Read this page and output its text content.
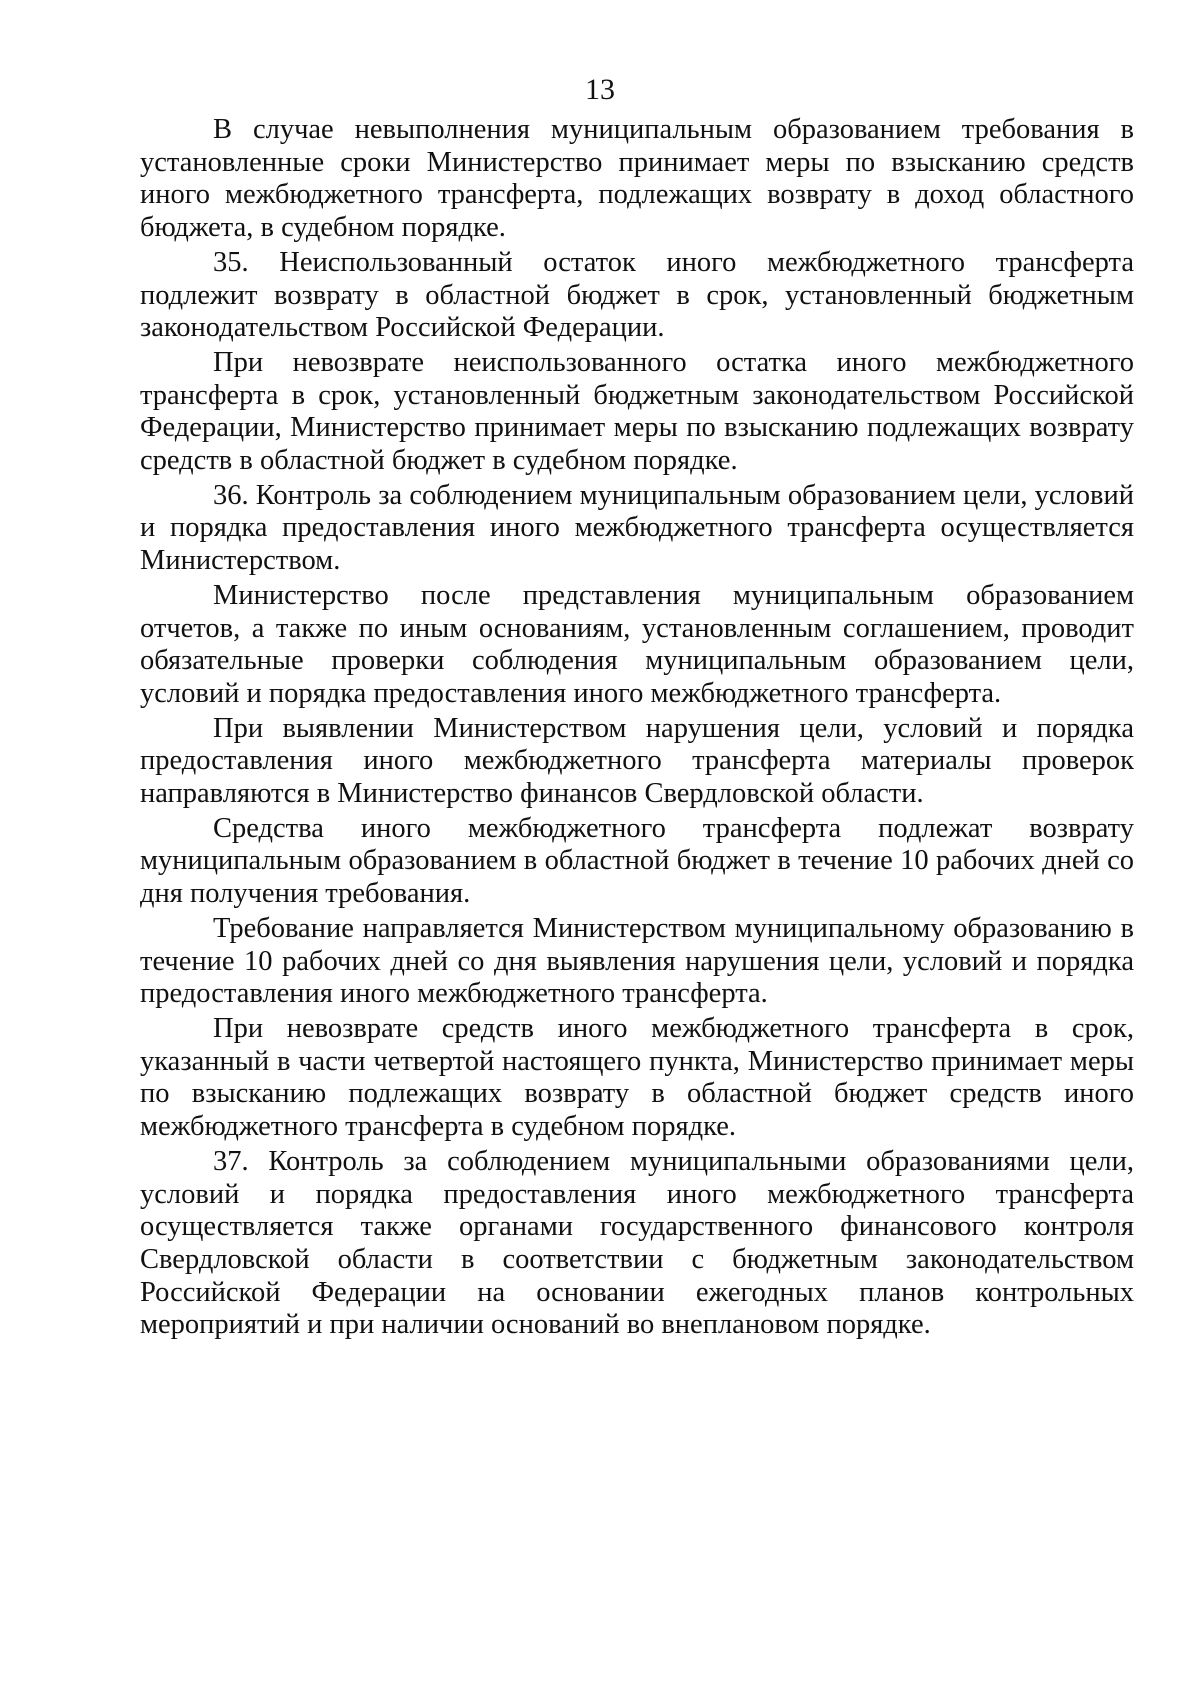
13

В случае невыполнения муниципальным образованием требования в установленные сроки Министерство принимает меры по взысканию средств иного межбюджетного трансферта, подлежащих возврату в доход областного бюджета, в судебном порядке.

35. Неиспользованный остаток иного межбюджетного трансферта подлежит возврату в областной бюджет в срок, установленный бюджетным законодательством Российской Федерации.

При невозврате неиспользованного остатка иного межбюджетного трансферта в срок, установленный бюджетным законодательством Российской Федерации, Министерство принимает меры по взысканию подлежащих возврату средств в областной бюджет в судебном порядке.

36. Контроль за соблюдением муниципальным образованием цели, условий и порядка предоставления иного межбюджетного трансферта осуществляется Министерством.

Министерство после представления муниципальным образованием отчетов, а также по иным основаниям, установленным соглашением, проводит обязательные проверки соблюдения муниципальным образованием цели, условий и порядка предоставления иного межбюджетного трансферта.

При выявлении Министерством нарушения цели, условий и порядка предоставления иного межбюджетного трансферта материалы проверок направляются в Министерство финансов Свердловской области.

Средства иного межбюджетного трансферта подлежат возврату муниципальным образованием в областной бюджет в течение 10 рабочих дней со дня получения требования.

Требование направляется Министерством муниципальному образованию в течение 10 рабочих дней со дня выявления нарушения цели, условий и порядка предоставления иного межбюджетного трансферта.

При невозврате средств иного межбюджетного трансферта в срок, указанный в части четвертой настоящего пункта, Министерство принимает меры по взысканию подлежащих возврату в областной бюджет средств иного межбюджетного трансферта в судебном порядке.

37. Контроль за соблюдением муниципальными образованиями цели, условий и порядка предоставления иного межбюджетного трансферта осуществляется также органами государственного финансового контроля Свердловской области в соответствии с бюджетным законодательством Российской Федерации на основании ежегодных планов контрольных мероприятий и при наличии оснований во внеплановом порядке.
